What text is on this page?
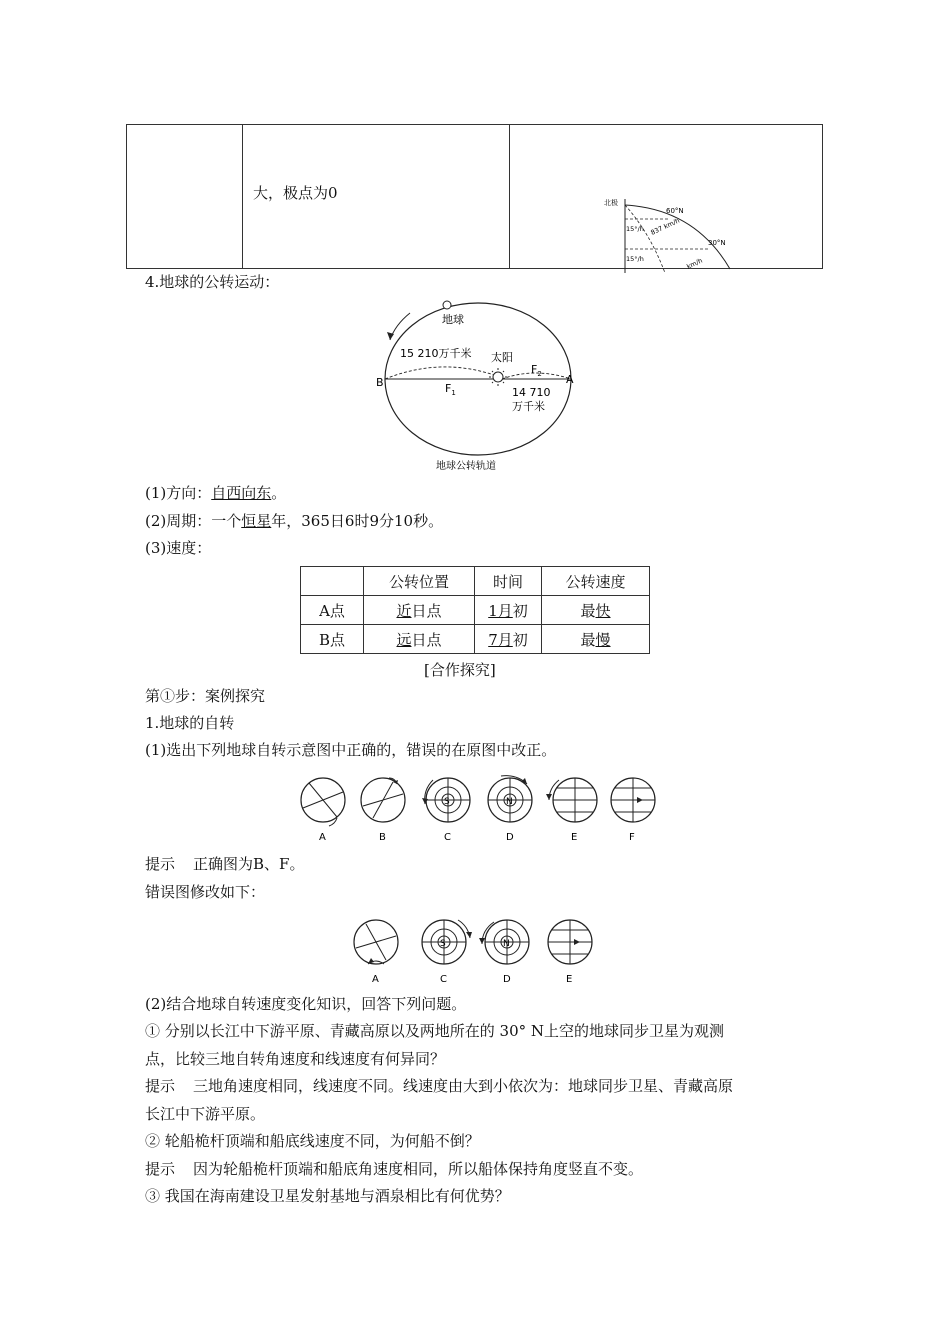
大，极点为0

北极
60°N
30°N
15°/h
15°/h
837 km/h
km/h
4.地球的公转运动：
地球
15 210万千米 太阳
$F_2$
$F_1$
B	A
14 710
万千米
地球公转轨道
(1)方向：自西向东。
(2)周期：一个恒星年，365日6时9分10秒。
(3)速度：
	公转位置	时间	公转速度
A点	近日点	1月初	最快
B点	远日点	7月初	最慢
[合作探究]
第①步：案例探究
1.地球的自转
(1)选出下列地球自转示意图中正确的，错误的在原图中改正。
A	B
S
C
N
D	E	F
提示 正确图为B、F。
错误图修改如下：
A
S
C
N
D	E
(2)结合地球自转速度变化知识，回答下列问题。
① 分别以长江中下游平原、青藏高原以及两地所在的 30° N上空的地球同步卫星为观测
点，比较三地自转角速度和线速度有何异同？
提示 三地角速度相同，线速度不同。线速度由大到小依次为：地球同步卫星、青藏高原
长江中下游平原。
② 轮船桅杆顶端和船底线速度不同，为何船不倒？
提示 因为轮船桅杆顶端和船底角速度相同，所以船体保持角度竖直不变。
③ 我国在海南建设卫星发射基地与酒泉相比有何优势？
